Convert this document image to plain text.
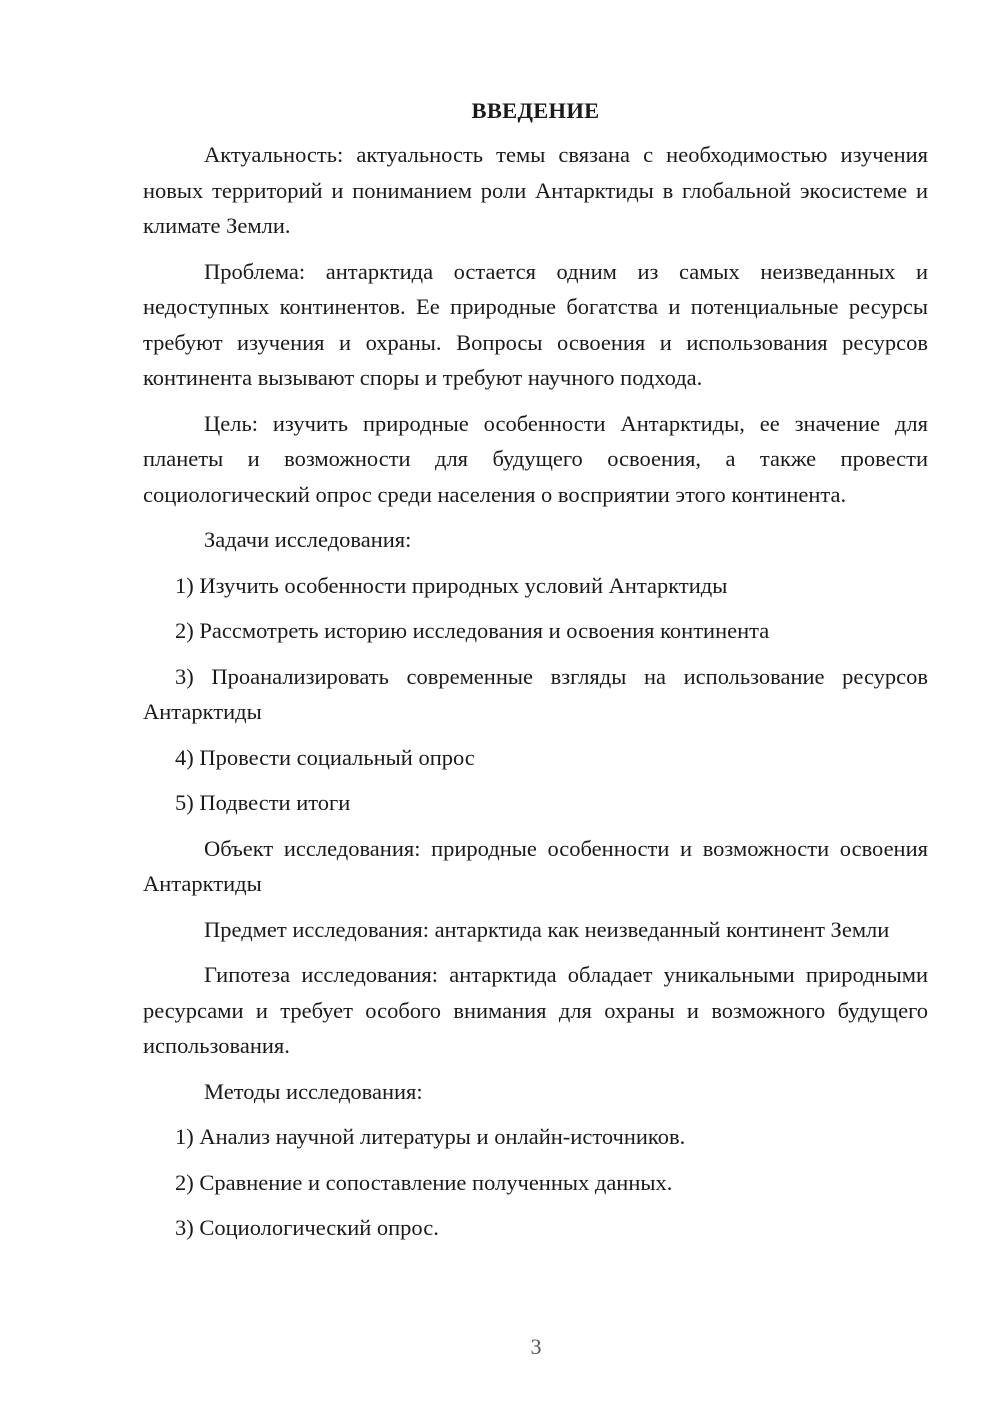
ВВЕДЕНИЕ

Актуальность: актуальность темы связана с необходимостью изучения новых территорий и пониманием роли Антарктиды в глобальной экосистеме и климате Земли.

Проблема: антарктида остается одним из самых неизведанных и недоступных континентов. Ее природные богатства и потенциальные ресурсы требуют изучения и охраны. Вопросы освоения и использования ресурсов континента вызывают споры и требуют научного подхода.

Цель: изучить природные особенности Антарктиды, ее значение для планеты и возможности для будущего освоения, а также провести социологический опрос среди населения о восприятии этого континента.

Задачи исследования:

1) Изучить особенности природных условий Антарктиды

2) Рассмотреть историю исследования и освоения континента

3) Проанализировать современные взгляды на использование ресурсов Антарктиды

4) Провести социальный опрос

5) Подвести итоги

Объект исследования: природные особенности и возможности освоения Антарктиды

Предмет исследования: антарктида как неизведанный континент Земли

Гипотеза исследования: антарктида обладает уникальными природными ресурсами и требует особого внимания для охраны и возможного будущего использования.

Методы исследования:

1) Анализ научной литературы и онлайн-источников.

2) Сравнение и сопоставление полученных данных.

3) Социологический опрос.

3
